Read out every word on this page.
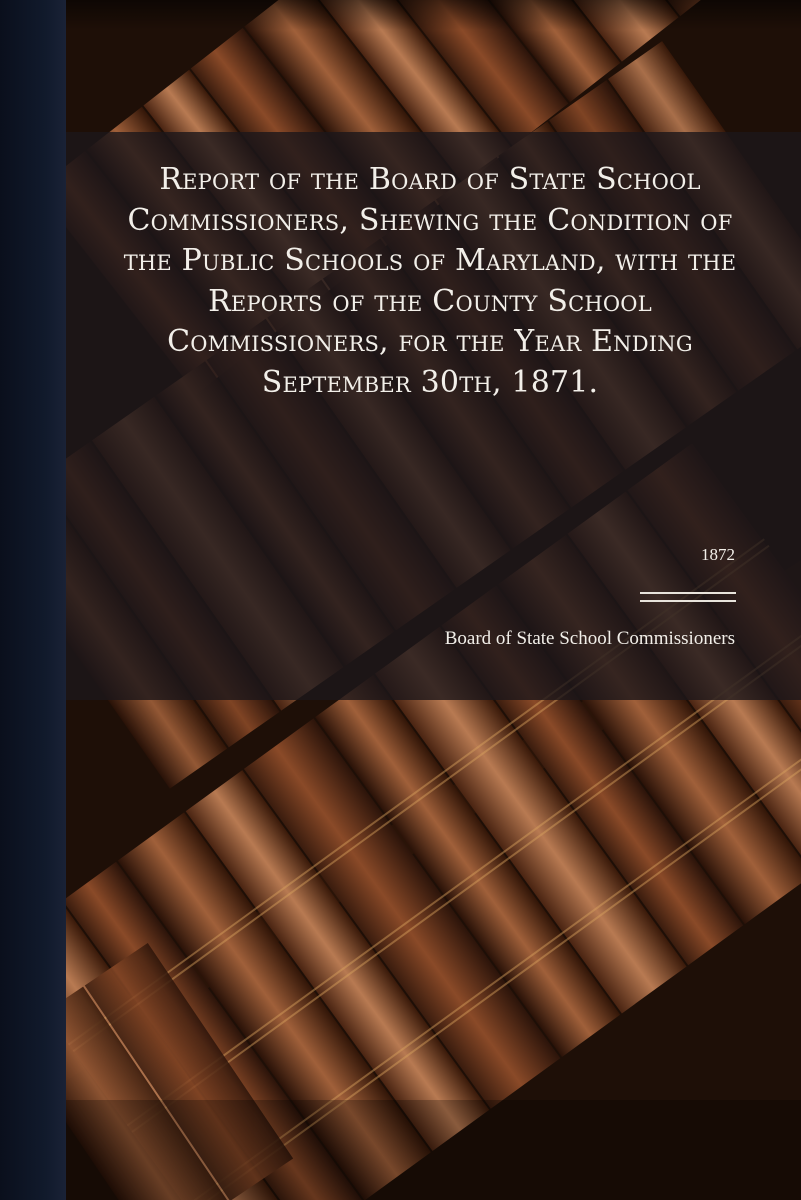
Report of the Board of State School Commissioners, Shewing the Condition of the Public Schools of Maryland, with the Reports of the County School Commissioners, for the Year Ending September 30th, 1871.
1872
Board of State School Commissioners
